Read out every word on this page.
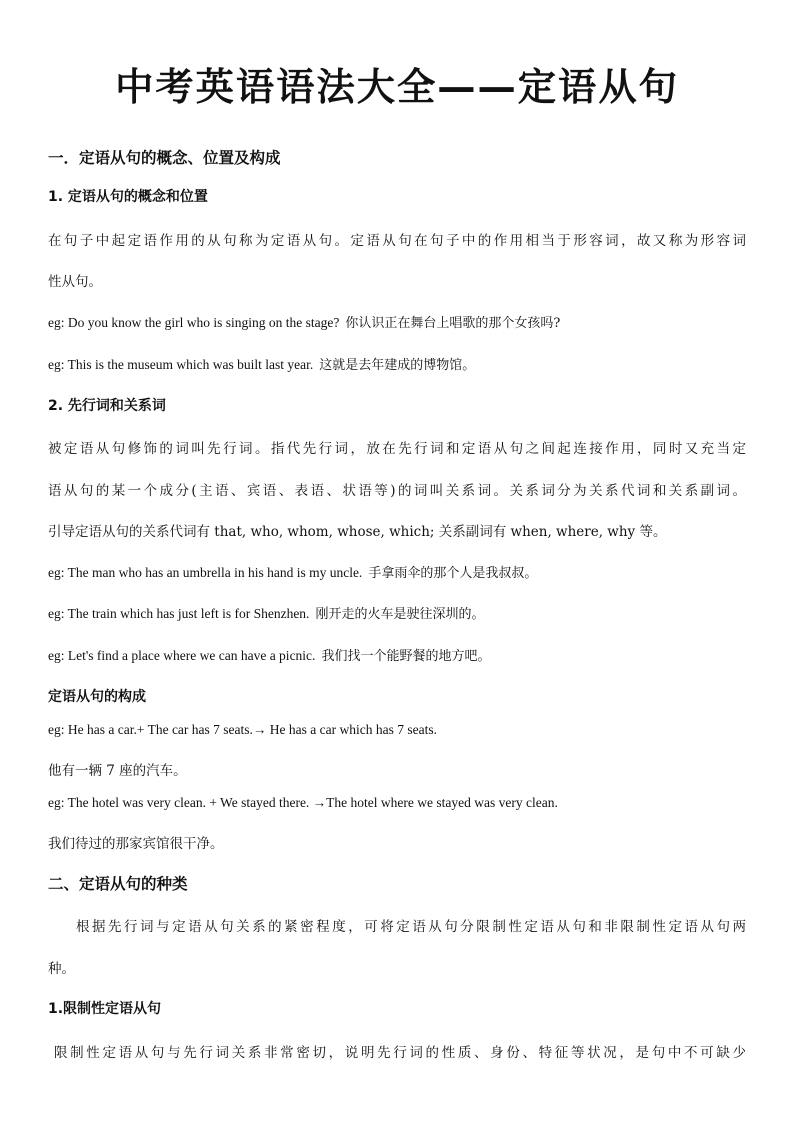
中考英语语法大全——定语从句
一．定语从句的概念、位置及构成
1. 定语从句的概念和位置
在句子中起定语作用的从句称为定语从句。定语从句在句子中的作用相当于形容词，故又称为形容词
性从句。
eg: Do you know the girl who is singing on the stage? 你认识正在舞台上唱歌的那个女孩吗?
eg: This is the museum which was built last year. 这就是去年建成的博物馆。
2. 先行词和关系词
被定语从句修饰的词叫先行词。指代先行词，放在先行词和定语从句之间起连接作用，同时又充当定
语从句的某一个成分(主语、宾语、表语、状语等)的词叫关系词。关系词分为关系代词和关系副词。
引导定语从句的关系代词有 that, who, whom, whose, which; 关系副词有 when, where, why 等。
eg: The man who has an umbrella in his hand is my uncle. 手拿雨伞的那个人是我叔叔。
eg: The train which has just left is for Shenzhen. 刚开走的火车是驶往深圳的。
eg: Let's find a place where we can have a picnic. 我们找一个能野餐的地方吧。
定语从句的构成
eg: He has a car.+ The car has 7 seats.→ He has a car which has 7 seats.
他有一辆 7 座的汽车。
eg: The hotel was very clean. + We stayed there. →The hotel where we stayed was very clean.
我们待过的那家宾馆很干净。
二、定语从句的种类
根据先行词与定语从句关系的紧密程度，可将定语从句分限制性定语从句和非限制性定语从句两
种。
1.限制性定语从句
限制性定语从句与先行词关系非常密切，说明先行词的性质、身份、特征等状况，是句中不可缺少
